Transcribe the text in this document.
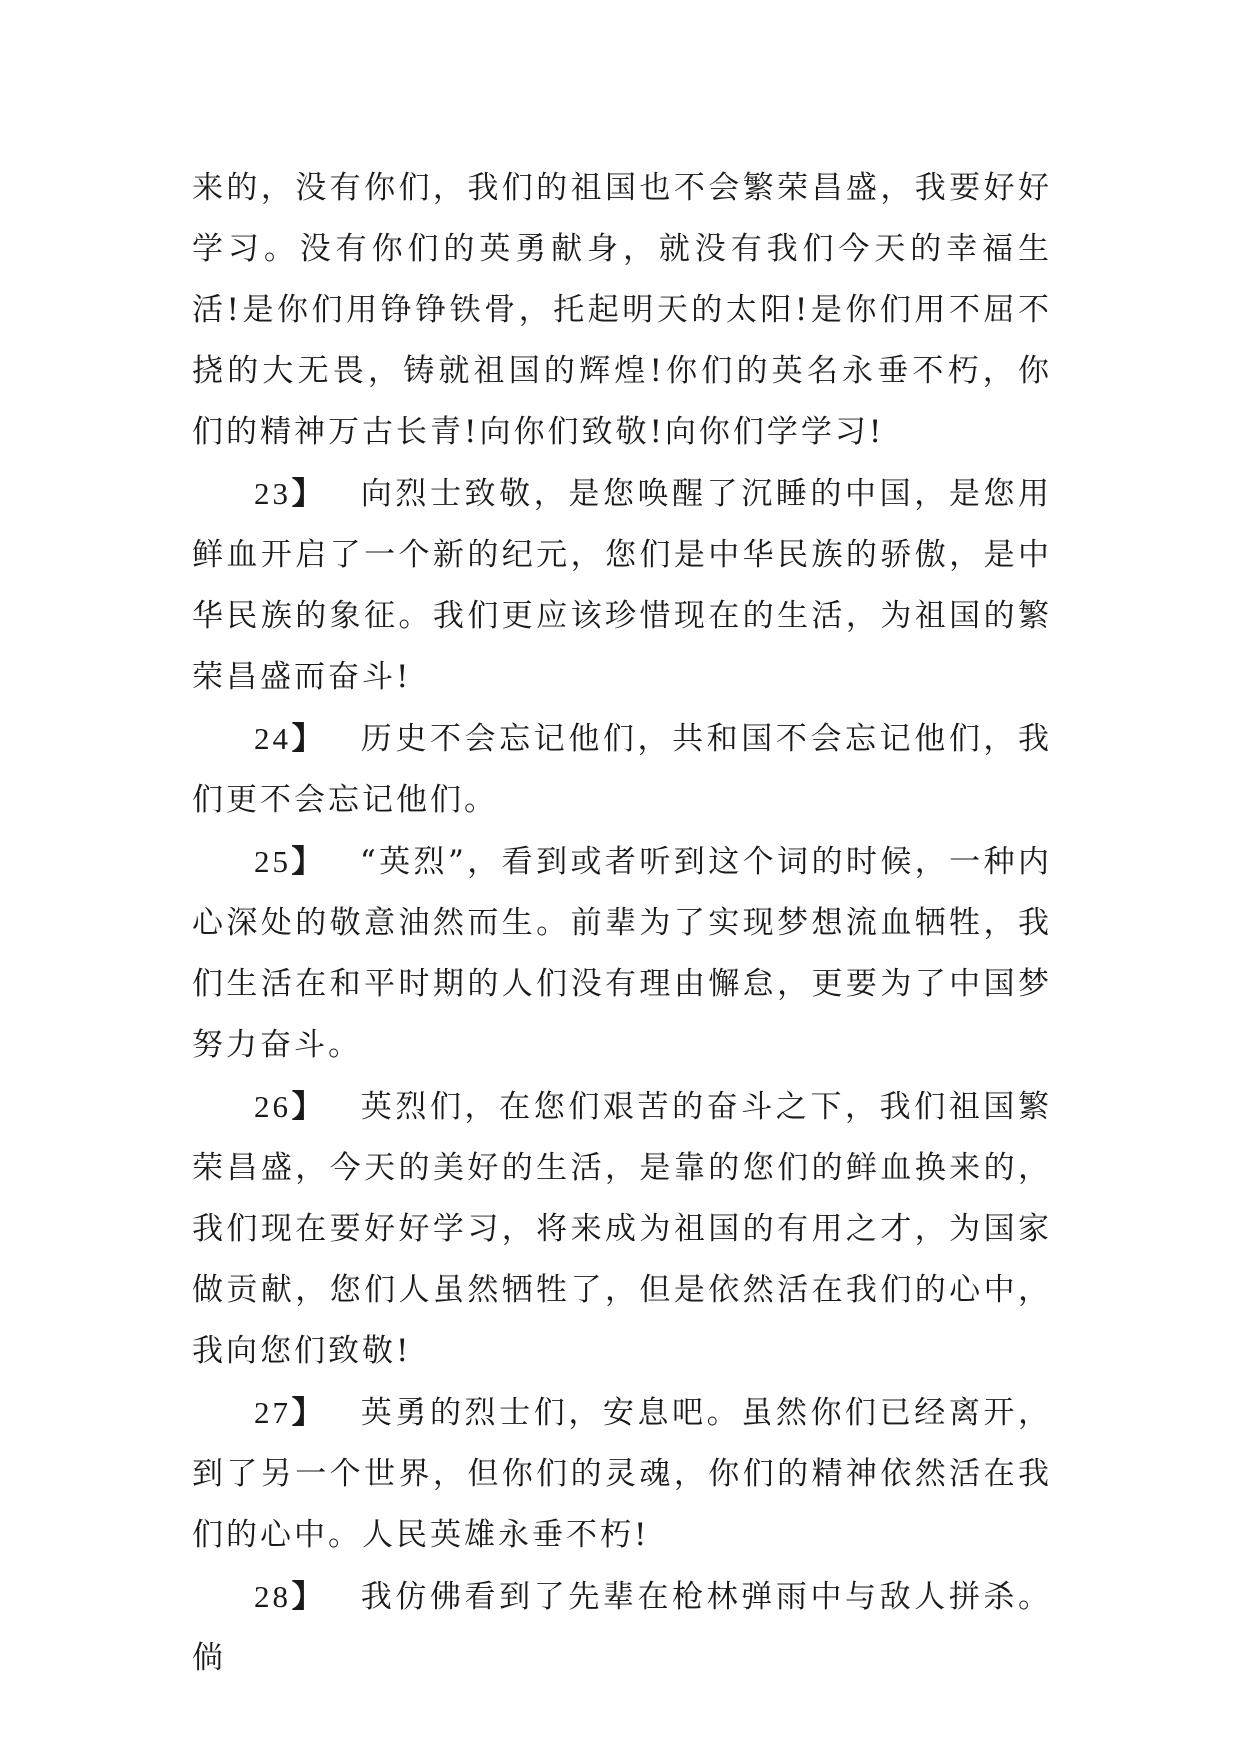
来的，没有你们，我们的祖国也不会繁荣昌盛，我要好好学习。没有你们的英勇献身，就没有我们今天的幸福生活!是你们用铮铮铁骨，托起明天的太阳!是你们用不屈不挠的大无畏，铸就祖国的辉煌!你们的英名永垂不朽，你们的精神万古长青!向你们致敬!向你们学学习!

23】 向烈士致敬，是您唤醒了沉睡的中国，是您用鲜血开启了一个新的纪元，您们是中华民族的骄傲，是中华民族的象征。我们更应该珍惜现在的生活，为祖国的繁荣昌盛而奋斗!

24】 历史不会忘记他们，共和国不会忘记他们，我们更不会忘记他们。

25】 “英烈”，看到或者听到这个词的时候，一种内心深处的敬意油然而生。前辈为了实现梦想流血牺牲，我们生活在和平时期的人们没有理由懈怠，更要为了中国梦努力奋斗。

26】 英烈们，在您们艰苦的奋斗之下，我们祖国繁荣昌盛，今天的美好的生活，是靠的您们的鲜血换来的，我们现在要好好学习，将来成为祖国的有用之才，为国家做贡献，您们人虽然牺牲了，但是依然活在我们的心中，我向您们致敬!

27】 英勇的烈士们，安息吧。虽然你们已经离开，到了另一个世界，但你们的灵魂，你们的精神依然活在我们的心中。人民英雄永垂不朽!

28】 我仿佛看到了先辈在枪林弹雨中与敌人拼杀。倘
